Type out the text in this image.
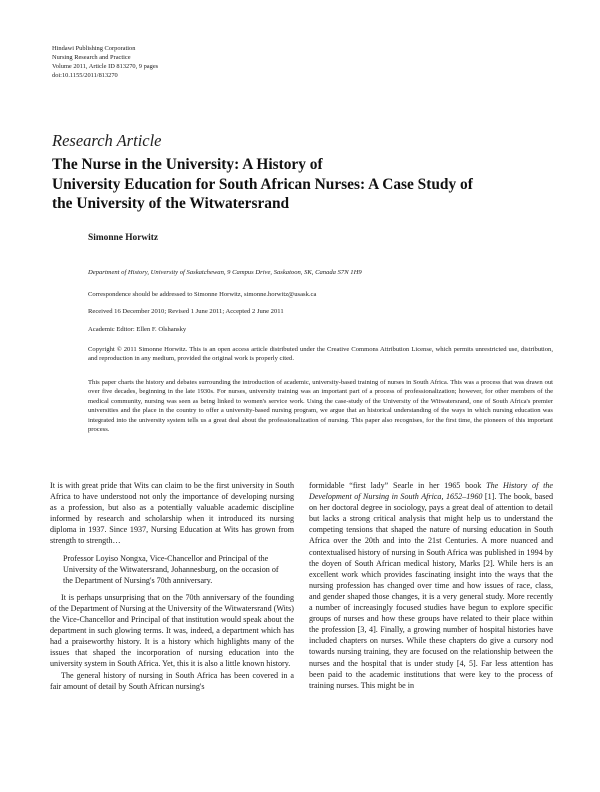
Hindawi Publishing Corporation
Nursing Research and Practice
Volume 2011, Article ID 813270, 9 pages
doi:10.1155/2011/813270
Research Article
The Nurse in the University: A History of
University Education for South African Nurses: A Case Study of
the University of the Witwatersrand
Simonne Horwitz
Department of History, University of Saskatchewan, 9 Campus Drive, Saskatoon, SK, Canada S7N 1H9
Correspondence should be addressed to Simonne Horwitz, simonne.horwitz@usask.ca
Received 16 December 2010; Revised 1 June 2011; Accepted 2 June 2011
Academic Editor: Ellen F. Olshansky
Copyright © 2011 Simonne Horwitz. This is an open access article distributed under the Creative Commons Attribution License, which permits unrestricted use, distribution, and reproduction in any medium, provided the original work is properly cited.
This paper charts the history and debates surrounding the introduction of academic, university-based training of nurses in South Africa. This was a process that was drawn out over five decades, beginning in the late 1930s. For nurses, university training was an important part of a process of professionalization; however, for other members of the medical community, nursing was seen as being linked to women's service work. Using the case-study of the University of the Witwatersrand, one of South Africa's premier universities and the place in the country to offer a university-based nursing program, we argue that an historical understanding of the ways in which nursing education was integrated into the university system tells us a great deal about the professionalization of nursing. This paper also recognises, for the first time, the pioneers of this important process.

It is with great pride that Wits can claim to be the first university in South Africa to have understood not only the importance of developing nursing as a profession, but also as a potentially valuable academic discipline informed by research and scholarship when it introduced its nursing diploma in 1937. Since 1937, Nursing Education at Wits has grown from strength to strength…

Professor Loyiso Nongxa, Vice-Chancellor and Principal of the University of the Witwatersrand, Johannesburg, on the occasion of the Department of Nursing's 70th anniversary.

It is perhaps unsurprising that on the 70th anniversary of the founding of the Department of Nursing at the University of the Witwatersrand (Wits) the Vice-Chancellor and Principal of that institution would speak about the department in such glowing terms. It was, indeed, a department which has had a praiseworthy history. It is a history which highlights many of the issues that shaped the incorporation of nursing education into the university system in South Africa. Yet, this it is also a little known history.

The general history of nursing in South Africa has been covered in a fair amount of detail by South African nursing's

formidable “first lady” Searle in her 1965 book The History of the Development of Nursing in South Africa, 1652–1960 [1]. The book, based on her doctoral degree in sociology, pays a great deal of attention to detail but lacks a strong critical analysis that might help us to understand the competing tensions that shaped the nature of nursing education in South Africa over the 20th and into the 21st Centuries. A more nuanced and contextualised history of nursing in South Africa was published in 1994 by the doyen of South African medical history, Marks [2]. While hers is an excellent work which provides fascinating insight into the ways that the nursing profession has changed over time and how issues of race, class, and gender shaped those changes, it is a very general study. More recently a number of increasingly focused studies have begun to explore specific groups of nurses and how these groups have related to their place within the profession [3, 4]. Finally, a growing number of hospital histories have included chapters on nurses. While these chapters do give a cursory nod towards nursing training, they are focused on the relationship between the nurses and the hospital that is under study [4, 5]. Far less attention has been paid to the academic institutions that were key to the process of training nurses. This might be in
